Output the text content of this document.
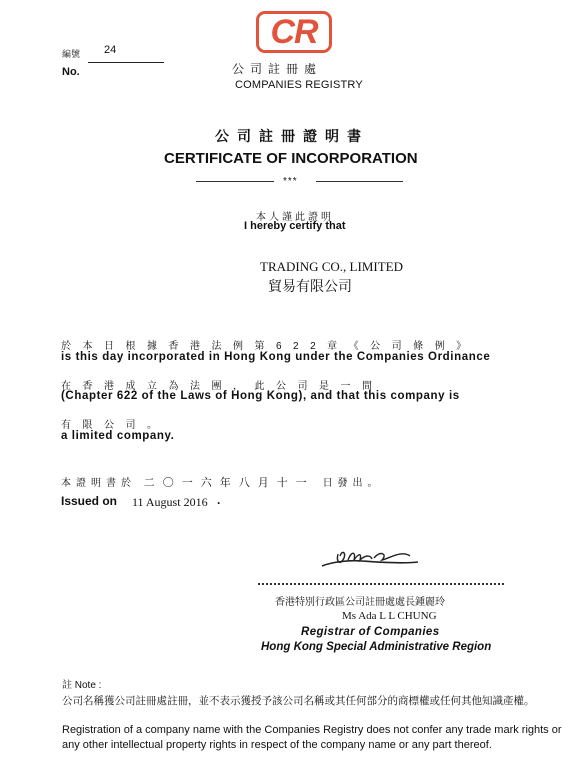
編號
No.
24	CR
公司註冊處
COMPANIES REGISTRY
公司註冊證明書
CERTIFICATE OF INCORPORATION
***
本人謹此證明
I hereby certify that
TRADING CO., LIMITED
貿易有限公司
於本日根據香港法例第622章《公司條例》
is this day incorporated in Hong Kong under the Companies Ordinance
在香港成立為法團，此公司是一間
(Chapter 622 of the Laws of Hong Kong), and that this company is
有限公司。
a limited company.
本證明書於 二〇一六年八月十一 日發出。
Issued on 11 August 2016 .
香港特別行政區公司註冊處處長鍾麗玲
Ms Ada L L CHUNG
Registrar of Companies
Hong Kong Special Administrative Region
註 Note :
公司名稱獲公司註冊處註冊，並不表示獲授予該公司名稱或其任何部分的商標權或任何其他知識產權。
Registration of a company name with the Companies Registry does not confer any trade mark rights or any other intellectual property rights in respect of the company name or any part thereof.
